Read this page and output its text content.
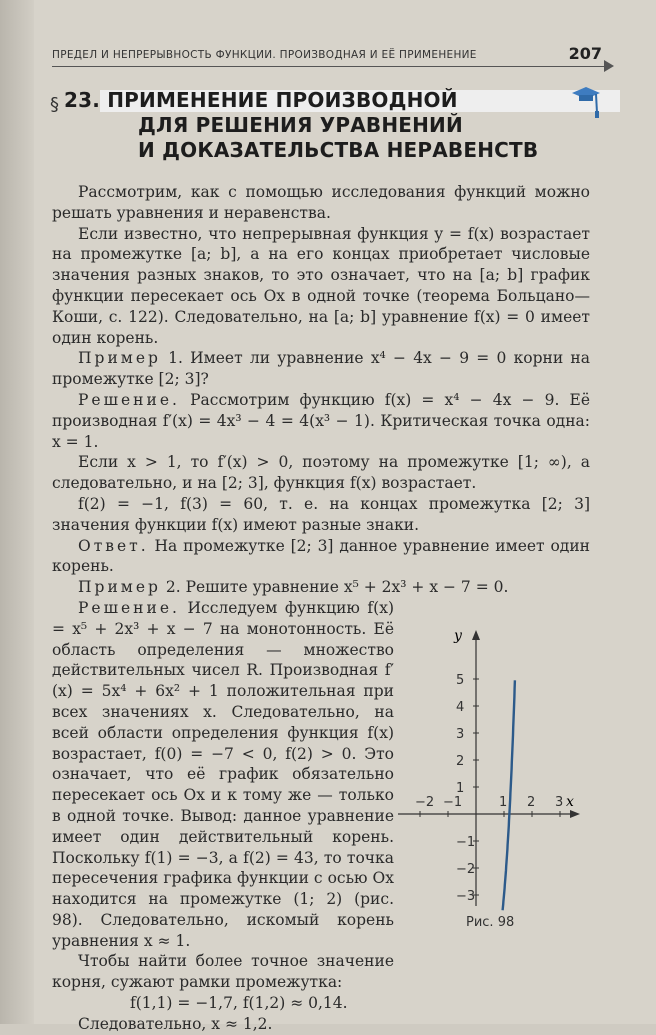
ПРЕДЕЛ И НЕПРЕРЫВНОСТЬ ФУНКЦИИ. ПРОИЗВОДНАЯ И ЕЁ ПРИМЕНЕНИЕ	207
§ 23. ПРИМЕНЕНИЕ ПРОИЗВОДНОЙ
ДЛЯ РЕШЕНИЯ УРАВНЕНИЙ
И ДОКАЗАТЕЛЬСТВА НЕРАВЕНСТВ

Рассмотрим, как с помощью исследования функций можно решать уравнения и неравенства.

Если известно, что непрерывная функция y = f(x) возрастает на промежутке [a; b], а на его концах приобретает числовые значения разных знаков, то это означает, что на [a; b] график функции пересекает ось Ox в одной точке (теорема Больцано—Коши, с. 122). Следовательно, на [a; b] уравнение f(x) = 0 имеет один корень.

Пример 1. Имеет ли уравнение x⁴ − 4x − 9 = 0 корни на промежутке [2; 3]?

Решение. Рассмотрим функцию f(x) = x⁴ − 4x − 9. Её производная f′(x) = 4x³ − 4 = 4(x³ − 1). Критическая точка одна: x = 1.

Если x > 1, то f′(x) > 0, поэтому на промежутке [1; ∞), а следовательно, и на [2; 3], функция f(x) возрастает.

f(2) = −1, f(3) = 60, т. е. на концах промежутка [2; 3] значения функции f(x) имеют разные знаки.

Ответ. На промежутке [2; 3] данное уравнение имеет один корень.

Пример 2. Решите уравнение x⁵ + 2x³ + x − 7 = 0.

Решение. Исследуем функцию f(x) = x⁵ + 2x³ + x − 7 на монотонность. Её область определения — множество действительных чисел R. Производная f′(x) = 5x⁴ + 6x² + 1 положительная при всех значениях x. Следовательно, на всей области определения функция f(x) возрастает, f(0) = −7 < 0, f(2) > 0. Это означает, что её график обязательно пересекает ось Ox и к тому же — только в одной точке. Вывод: данное уравнение имеет один действительный корень. Поскольку f(1) = −3, а f(2) = 43, то точка пересечения графика функции с осью Ox находится на промежутке (1; 2) (рис. 98). Следовательно, искомый корень уравнения x ≈ 1.

Чтобы найти более точное значение корня, сужают рамки промежутка:

f(1,1) = −1,7, f(1,2) ≈ 0,14.

Следовательно, x ≈ 1,2.

y
x
−2 −1	1 2 3
5
4
3
2
1
−1
−2
−3
Рис. 98
